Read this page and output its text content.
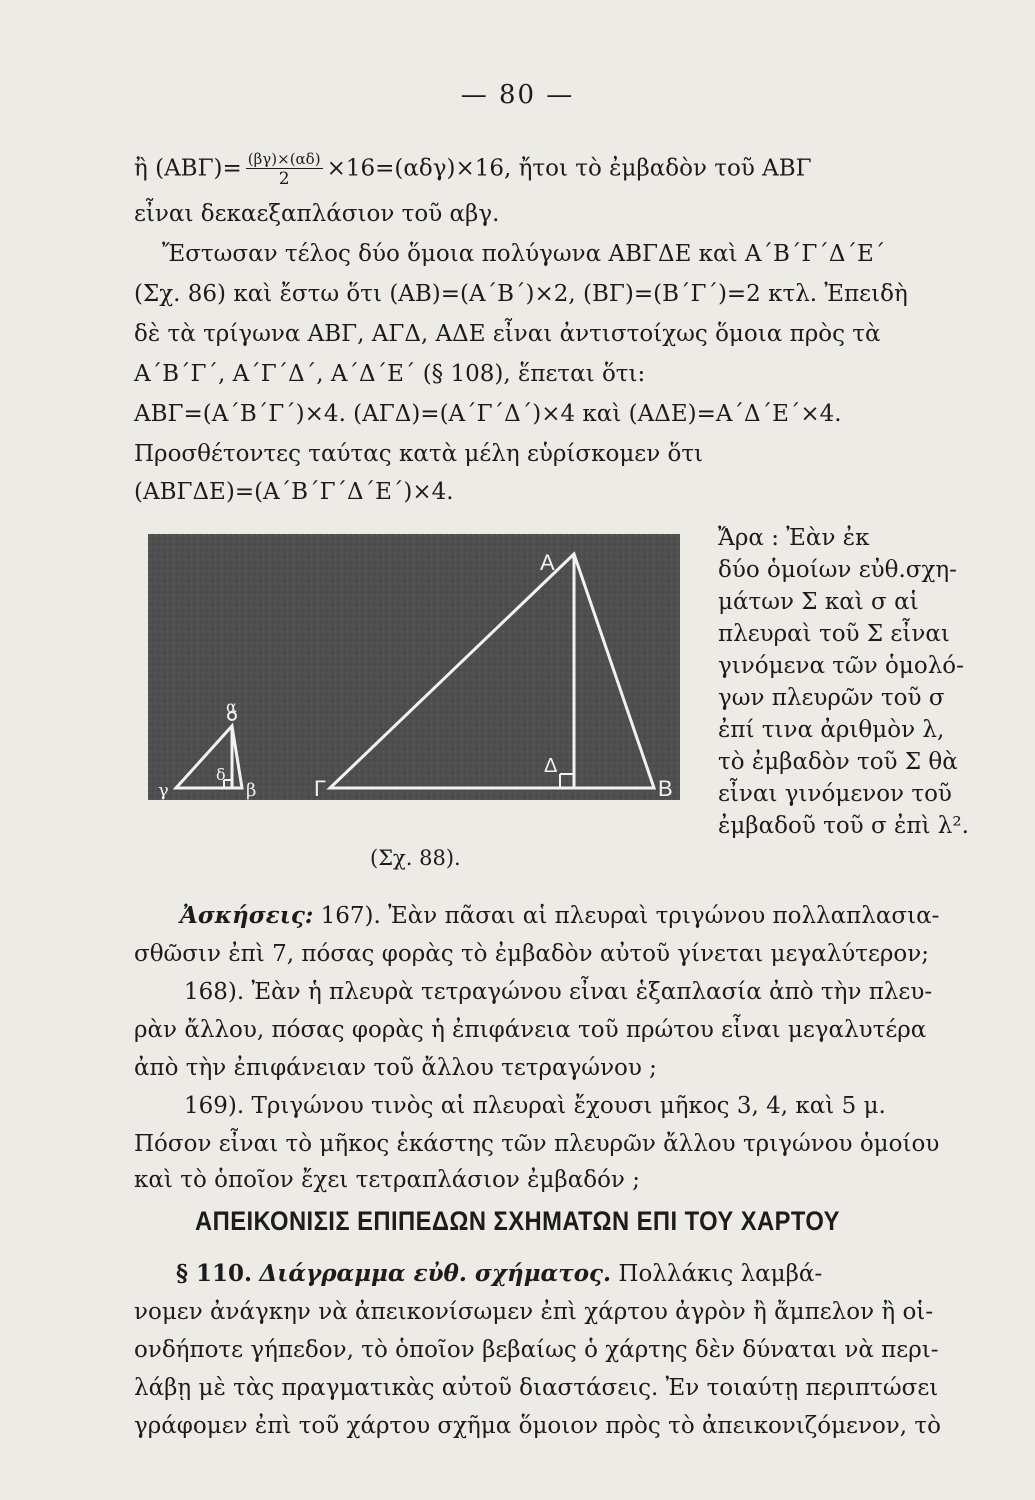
— 80 —
ἢ $(AB\Gamma)= \frac{(\beta\gamma)\times(\alpha\delta)}{2} \times 16=(\alpha\delta\gamma)\times 16$, ἤτοι τὸ ἐμβαδὸν τοῦ ΑΒΓ
εἶναι δεκαεξαπλάσιον τοῦ αβγ.
Ἔστωσαν τέλος δύο ὅμοια πολύγωνα ΑΒΓΔΕ καὶ Α΄Β΄Γ΄Δ΄Ε΄
(Σχ. 86) καὶ ἔστω ὅτι (ΑΒ)=(Α΄Β΄)×2, (ΒΓ)=(Β΄Γ΄)=2 κτλ. Ἐπειδὴ
δὲ τὰ τρίγωνα ΑΒΓ, ΑΓΔ, ΑΔΕ εἶναι ἀντιστοίχως ὅμοια πρὸς τὰ
Α΄Β΄Γ΄, Α΄Γ΄Δ΄, Α΄Δ΄Ε΄ (§ 108), ἕπεται ὅτι:
ΑΒΓ=(Α΄Β΄Γ΄)×4. (ΑΓΔ)=(Α΄Γ΄Δ΄)×4 καὶ (ΑΔΕ)=Α΄Δ΄Ε΄×4.
Προσθέτοντες ταύτας κατὰ μέλη εὑρίσκομεν ὅτι
(ΑΒΓΔΕ)=(Α΄Β΄Γ΄Δ΄Ε΄)×4.
A
Γ
Δ
B
α
γ
δ
β
(Σχ. 88).
Ἄρα : Ἐὰν ἐκ
δύο ὁμοίων εὐθ.σχη-
μάτων Σ καὶ σ αἱ
πλευραὶ τοῦ Σ εἶναι
γινόμενα τῶν ὁμολό-
γων πλευρῶν τοῦ σ
ἐπί τινα ἀριθμὸν λ,
τὸ ἐμβαδὸν τοῦ Σ θὰ
εἶναι γινόμενον τοῦ
ἐμβαδοῦ τοῦ σ ἐπὶ λ².
Ἀσκήσεις: 167). Ἐὰν πᾶσαι αἱ πλευραὶ τριγώνου πολλαπλασια-
σθῶσιν ἐπὶ 7, πόσας φορὰς τὸ ἐμβαδὸν αὐτοῦ γίνεται μεγαλύτερον;
168). Ἐὰν ἡ πλευρὰ τετραγώνου εἶναι ἑξαπλασία ἀπὸ τὴν πλευ-
ρὰν ἄλλου, πόσας φορὰς ἡ ἐπιφάνεια τοῦ πρώτου εἶναι μεγαλυτέρα
ἀπὸ τὴν ἐπιφάνειαν τοῦ ἄλλου τετραγώνου ;
169). Τριγώνου τινὸς αἱ πλευραὶ ἔχουσι μῆκος 3, 4, καὶ 5 μ.
Πόσον εἶναι τὸ μῆκος ἑκάστης τῶν πλευρῶν ἄλλου τριγώνου ὁμοίου
καὶ τὸ ὁποῖον ἔχει τετραπλάσιον ἐμβαδόν ;
ΑΠΕΙΚΟΝΙΣΙΣ ΕΠΙΠΕΔΩΝ ΣΧΗΜΑΤΩΝ ΕΠΙ ΤΟΥ ΧΑΡΤΟΥ
§ 110. Διάγραμμα εὐθ. σχήματος. Πολλάκις λαμβά-
νομεν ἀνάγκην νὰ ἀπεικονίσωμεν ἐπὶ χάρτου ἀγρὸν ἢ ἄμπελον ἢ οἱ-
ονδήποτε γήπεδον, τὸ ὁποῖον βεβαίως ὁ χάρτης δὲν δύναται νὰ περι-
λάβῃ μὲ τὰς πραγματικὰς αὐτοῦ διαστάσεις. Ἐν τοιαύτῃ περιπτώσει
γράφομεν ἐπὶ τοῦ χάρτου σχῆμα ὅμοιον πρὸς τὸ ἀπεικονιζόμενον, τὸ
